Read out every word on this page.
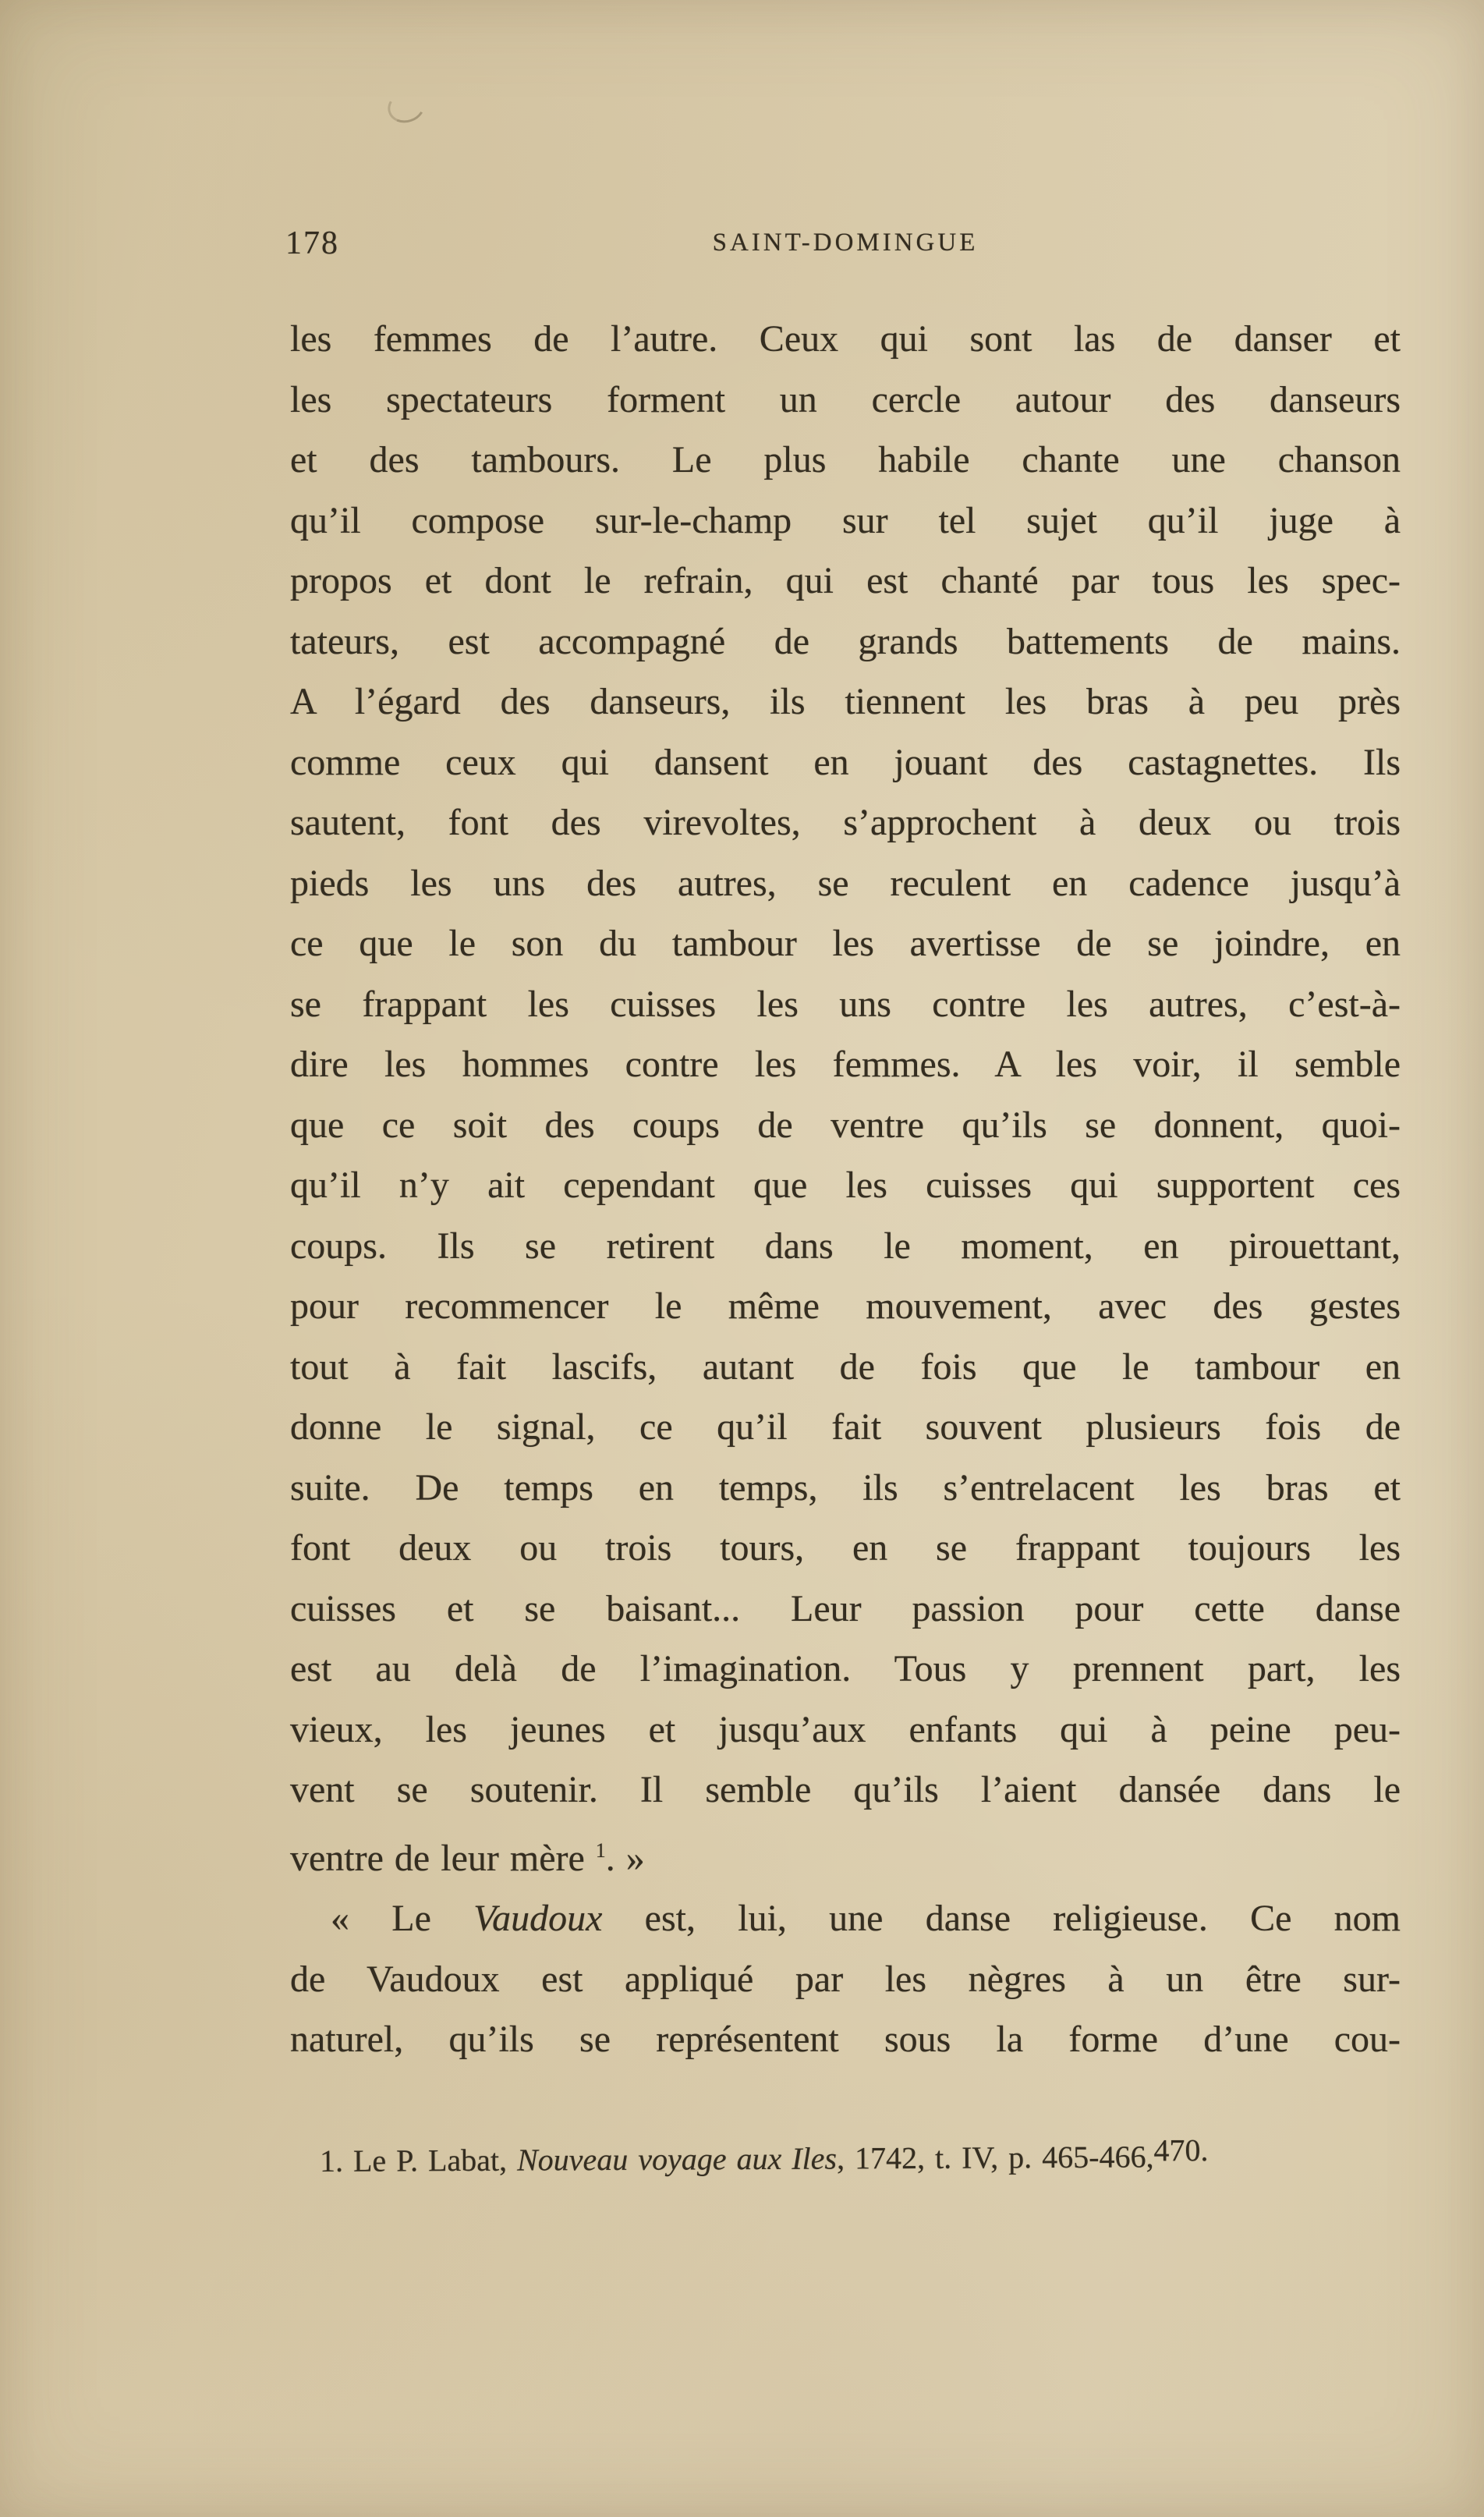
178	SAINT-DOMINGUE
les femmes de l’autre. Ceux qui sont las de danser et
les spectateurs forment un cercle autour des danseurs
et des tambours. Le plus habile chante une chanson
qu’il compose sur-le-champ sur tel sujet qu’il juge à
propos et dont le refrain, qui est chanté par tous les spec-
tateurs, est accompagné de grands battements de mains.
A l’égard des danseurs, ils tiennent les bras à peu près
comme ceux qui dansent en jouant des castagnettes. Ils
sautent, font des virevoltes, s’approchent à deux ou trois
pieds les uns des autres, se reculent en cadence jusqu’à
ce que le son du tambour les avertisse de se joindre, en
se frappant les cuisses les uns contre les autres, c’est-à-
dire les hommes contre les femmes. A les voir, il semble
que ce soit des coups de ventre qu’ils se donnent, quoi-
qu’il n’y ait cependant que les cuisses qui supportent ces
coups. Ils se retirent dans le moment, en pirouettant,
pour recommencer le même mouvement, avec des gestes
tout à fait lascifs, autant de fois que le tambour en
donne le signal, ce qu’il fait souvent plusieurs fois de
suite. De temps en temps, ils s’entrelacent les bras et
font deux ou trois tours, en se frappant toujours les
cuisses et se baisant... Leur passion pour cette danse
est au delà de l’imagination. Tous y prennent part, les
vieux, les jeunes et jusqu’aux enfants qui à peine peu-
vent se soutenir. Il semble qu’ils l’aient dansée dans le
ventre de leur mère $^1$. »
« Le Vaudoux est, lui, une danse religieuse. Ce nom
de Vaudoux est appliqué par les nègres à un être sur-
naturel, qu’ils se représentent sous la forme d’une cou-
1. Le P. Labat, Nouveau voyage aux Iles, 1742, t. IV, p. 465-466,470.
